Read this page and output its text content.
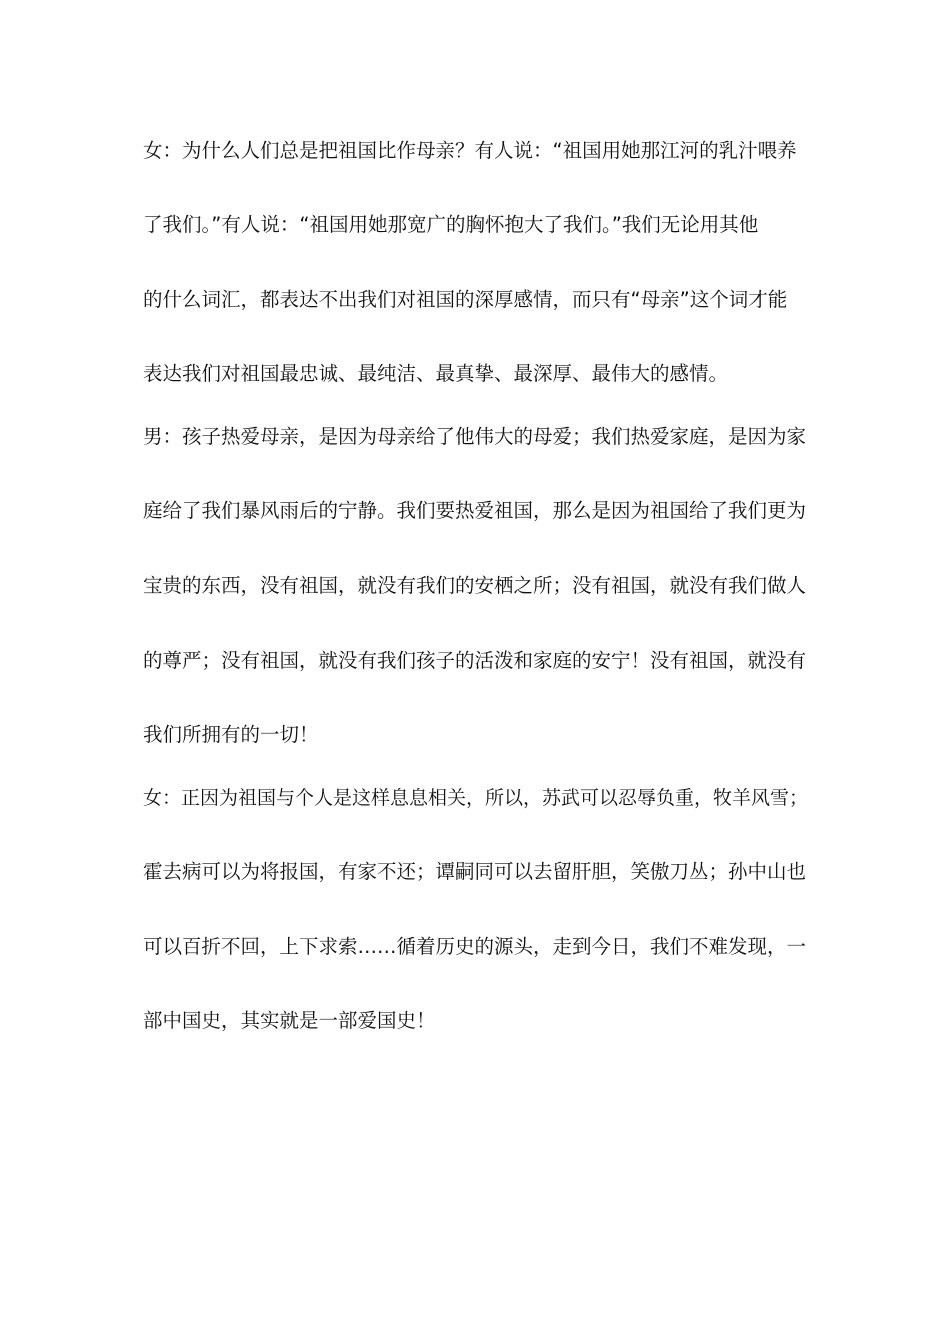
女：为什么人们总是把祖国比作母亲？有人说：“祖国用她那江河的乳汁喂养
了我们。”有人说：“祖国用她那宽广的胸怀抱大了我们。”我们无论用其他
的什么词汇，都表达不出我们对祖国的深厚感情，而只有“母亲”这个词才能
表达我们对祖国最忠诚、最纯洁、最真挚、最深厚、最伟大的感情。
男：孩子热爱母亲，是因为母亲给了他伟大的母爱；我们热爱家庭，是因为家
庭给了我们暴风雨后的宁静。我们要热爱祖国，那么是因为祖国给了我们更为
宝贵的东西，没有祖国，就没有我们的安栖之所；没有祖国，就没有我们做人
的尊严；没有祖国，就没有我们孩子的活泼和家庭的安宁！没有祖国，就没有
我们所拥有的一切！
女：正因为祖国与个人是这样息息相关，所以，苏武可以忍辱负重，牧羊风雪；
霍去病可以为将报国，有家不还；谭嗣同可以去留肝胆，笑傲刀丛；孙中山也
可以百折不回，上下求索……循着历史的源头，走到今日，我们不难发现，一
部中国史，其实就是一部爱国史！
